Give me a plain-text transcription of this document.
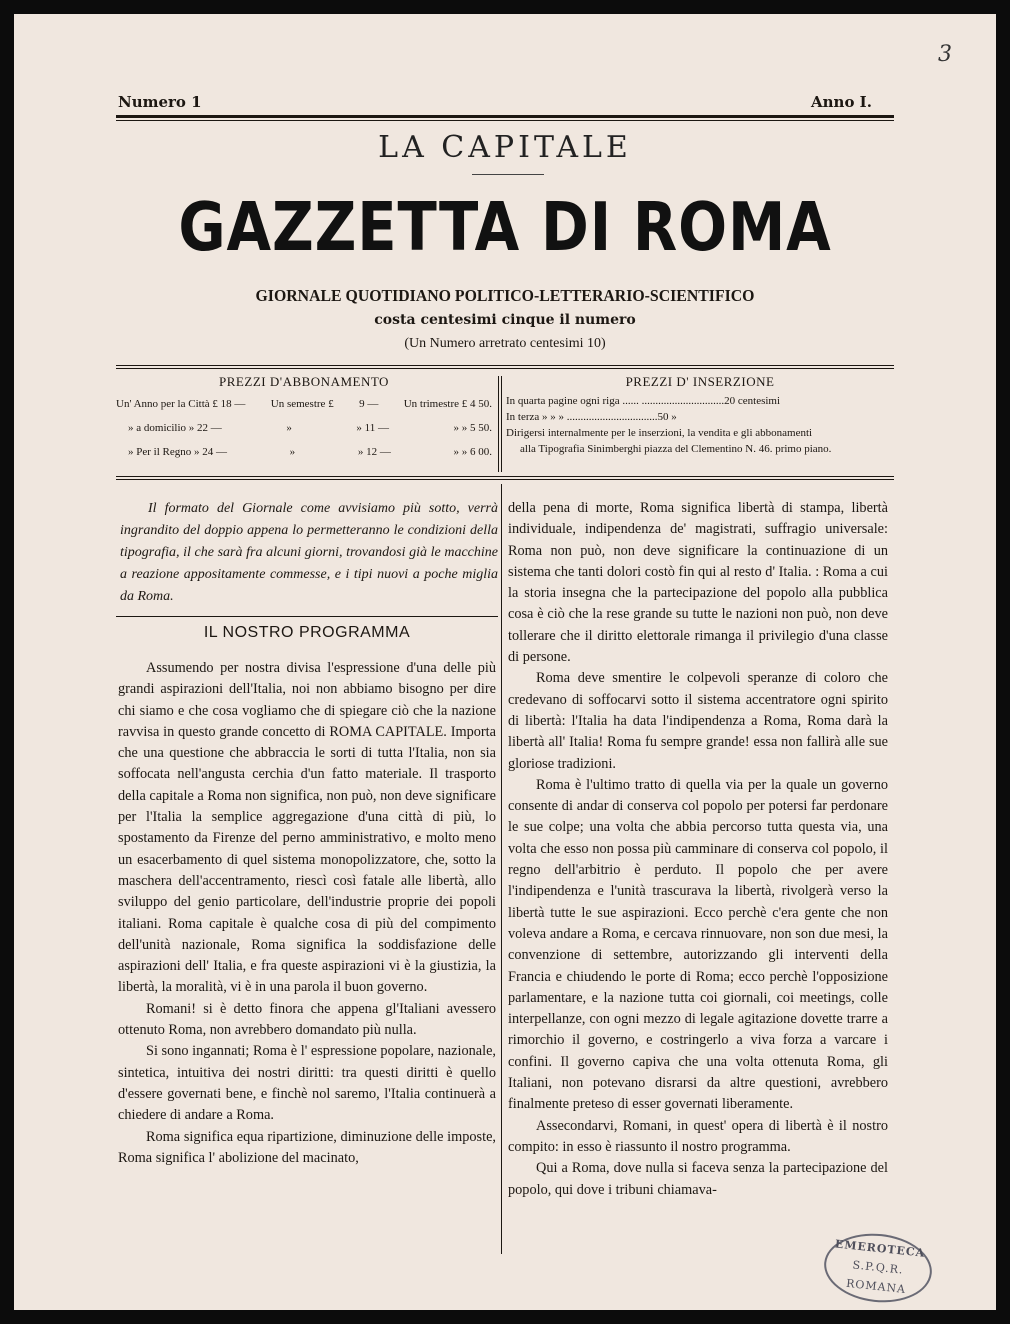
3
Numero 1	Anno I.
LA CAPITALE
GAZZETTA DI ROMA
GIORNALE QUOTIDIANO POLITICO-LETTERARIO-SCIENTIFICO
costa centesimi cinque il numero
(Un Numero arretrato centesimi 10)
PREZZI D'ABBONAMENTO
Un' Anno per la Città £ 18 — Un semestre £ 9 — Un trimestre £ 4 50.
» a domicilio » 22 —	»	» 11 —	» » 5 50.
» Per il Regno » 24 —	»	» 12 —	» » 6 00.
PREZZI D' INSERZIONE
In quarta pagine ogni riga ...... ..............................20 centesimi
In terza » » » .................................50 »
Dirigersi internalmente per le inserzioni, la vendita e gli abbonamenti
alla Tipografia Sinimberghi piazza del Clementino N. 46. primo piano.

Il formato del Giornale come avvisiamo più sotto, verrà ingrandito del doppio appena lo permetteranno le condizioni della tipografia, il che sarà fra alcuni giorni, trovandosi già le macchine a reazione appositamente commesse, e i tipi nuovi a poche miglia da Roma.

IL NOSTRO PROGRAMMA

Assumendo per nostra divisa l'espressione d'una delle più grandi aspirazioni dell'Italia, noi non abbiamo bisogno per dire chi siamo e che cosa vogliamo che di spiegare ciò che la nazione ravvisa in questo grande concetto di ROMA CAPITALE. Importa che una questione che abbraccia le sorti di tutta l'Italia, non sia soffocata nell'angusta cerchia d'un fatto materiale. Il trasporto della capitale a Roma non significa, non può, non deve significare per l'Italia la semplice aggregazione d'una città di più, lo spostamento da Firenze del perno amministrativo, e molto meno un esacerbamento di quel sistema monopolizzatore, che, sotto la maschera dell'accentramento, riescì così fatale alle libertà, allo sviluppo del genio particolare, dell'industrie proprie dei popoli italiani. Roma capitale è qualche cosa di più del compimento dell'unità nazionale, Roma significa la soddisfazione delle aspirazioni dell' Italia, e fra queste aspirazioni vi è la giustizia, la libertà, la moralità, vi è in una parola il buon governo.

Romani! si è detto finora che appena gl'Italiani avessero ottenuto Roma, non avrebbero domandato più nulla.

Si sono ingannati; Roma è l' espressione popolare, nazionale, sintetica, intuitiva dei nostri diritti: tra questi diritti è quello d'essere governati bene, e finchè nol saremo, l'Italia continuerà a chiedere di andare a Roma.

Roma significa equa ripartizione, diminuzione delle imposte, Roma significa l' abolizione del macinato,

della pena di morte, Roma significa libertà di stampa, libertà individuale, indipendenza de' magistrati, suffragio universale: Roma non può, non deve significare la continuazione di un sistema che tanti dolori costò fin qui al resto d' Italia. : Roma a cui la storia insegna che la partecipazione del popolo alla pubblica cosa è ciò che la rese grande su tutte le nazioni non può, non deve tollerare che il diritto elettorale rimanga il privilegio d'una classe di persone.

Roma deve smentire le colpevoli speranze di coloro che credevano di soffocarvi sotto il sistema accentratore ogni spirito di libertà: l'Italia ha data l'indipendenza a Roma, Roma darà la libertà all' Italia! Roma fu sempre grande! essa non fallirà alle sue gloriose tradizioni.

Roma è l'ultimo tratto di quella via per la quale un governo consente di andar di conserva col popolo per potersi far perdonare le sue colpe; una volta che abbia percorso tutta questa via, una volta che esso non possa più camminare di conserva col popolo, il regno dell'arbitrio è perduto. Il popolo che per avere l'indipendenza e l'unità trascurava la libertà, rivolgerà verso la libertà tutte le sue aspirazioni. Ecco perchè c'era gente che non voleva andare a Roma, e cercava rinnuovare, non son due mesi, la convenzione di settembre, autorizzando gli interventi della Francia e chiudendo le porte di Roma; ecco perchè l'opposizione parlamentare, e la nazione tutta coi giornali, coi meetings, colle interpellanze, con ogni mezzo di legale agitazione dovette trarre a rimorchio il governo, e costringerlo a viva forza a varcare i confini. Il governo capiva che una volta ottenuta Roma, gli Italiani, non potevano disrarsi da altre questioni, avrebbero finalmente preteso di esser governati liberamente.

Assecondarvi, Romani, in quest' opera di libertà è il nostro compito: in esso è riassunto il nostro programma.

Qui a Roma, dove nulla si faceva senza la partecipazione del popolo, qui dove i tribuni chiamava-

EMEROTECA
S.P.Q.R.
ROMANA
